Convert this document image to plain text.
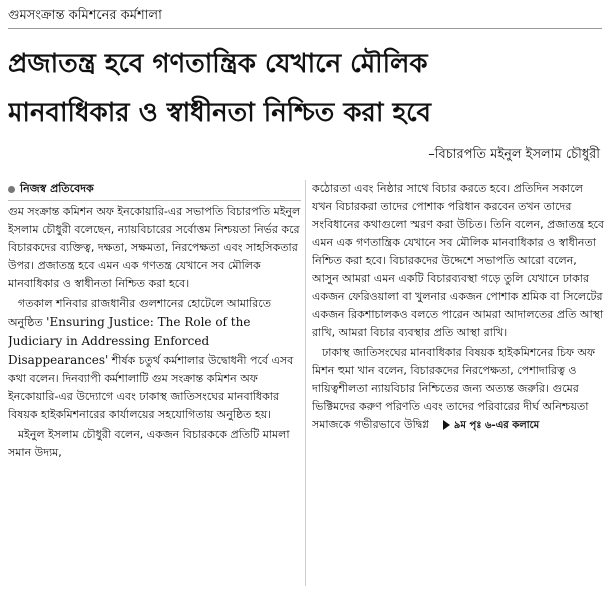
গুমসংক্রান্ত কমিশনের কর্মশালা
প্রজাতন্ত্র হবে গণতান্ত্রিক যেখানে মৌলিক
মানবাধিকার ও স্বাধীনতা নিশ্চিত করা হবে
–বিচারপতি মইনুল ইসলাম চৌধুরী
নিজস্ব প্রতিবেদক

গুম সংক্রান্ত কমিশন অফ ইনকোয়ারি-এর সভাপতি বিচারপতি মইনুল ইসলাম চৌধুরী বলেছেন, ন্যায়বিচারের সর্বোত্তম নিশ্চয়তা নির্ভর করে বিচারকদের ব্যক্তিত্ব, দক্ষতা, সক্ষমতা, নিরপেক্ষতা এবং সাহসিকতার উপর। প্রজাতন্ত্র হবে এমন এক গণতন্ত্র যেখানে সব মৌলিক মানবাধিকার ও স্বাধীনতা নিশ্চিত করা হবে।

গতকাল শনিবার রাজধানীর গুলশানের হোটেলে আমারিতে অনুষ্ঠিত 'Ensuring Justice: The Role of the Judiciary in Addressing Enforced Disappearances' শীর্ষক চতুর্থ কর্মশালার উদ্বোধনী পর্বে এসব কথা বলেন। দিনব্যাপী কর্মশালাটি গুম সংক্রান্ত কমিশন অফ ইনকোয়ারি-এর উদ্যোগে এবং ঢাকাস্থ জাতিসংঘের মানবাধিকার বিষয়ক হাইকমিশনারের কার্যালয়ের সহযোগিতায় অনুষ্ঠিত হয়।

মইনুল ইসলাম চৌধুরী বলেন, একজন বিচারককে প্রতিটি মামলা সমান উদ্যম,

কঠোরতা এবং নিষ্ঠার সাথে বিচার করতে হবে। প্রতিদিন সকালে যখন বিচারকরা তাদের পোশাক পরিধান করবেন তখন তাদের সংবিধানের কথাগুলো স্মরণ করা উচিত। তিনি বলেন, প্রজাতন্ত্র হবে এমন এক গণতান্ত্রিক যেখানে সব মৌলিক মানবাধিকার ও স্বাধীনতা নিশ্চিত করা হবে। বিচারকদের উদ্দেশে সভাপতি আরো বলেন, আসুন আমরা এমন একটি বিচারব্যবস্থা গড়ে তুলি যেখানে ঢাকার একজন ফেরিওয়ালা বা খুলনার একজন পোশাক শ্রমিক বা সিলেটের একজন রিকশাচালকও বলতে পারেন আমরা আদালতের প্রতি আস্থা রাখি, আমরা বিচার ব্যবস্থার প্রতি আস্থা রাখি।

ঢাকাস্থ জাতিসংঘের মানবাধিকার বিষয়ক হাইকমিশনের চিফ অফ মিশন হুমা খান বলেন, বিচারকদের নিরপেক্ষতা, পেশাদারিত্ব ও দায়িত্বশীলতা ন্যায়বিচার নিশ্চিতের জন্য অত্যন্ত জরুরি। গুমের ভিক্টিমদের করুণ পরিণতি এবং তাদের পরিবারের দীর্ঘ অনিশ্চয়তা সমাজকে গভীরভাবে উদ্বিগ্ন	৯ম পৃঃ ৬-এর কলামে
